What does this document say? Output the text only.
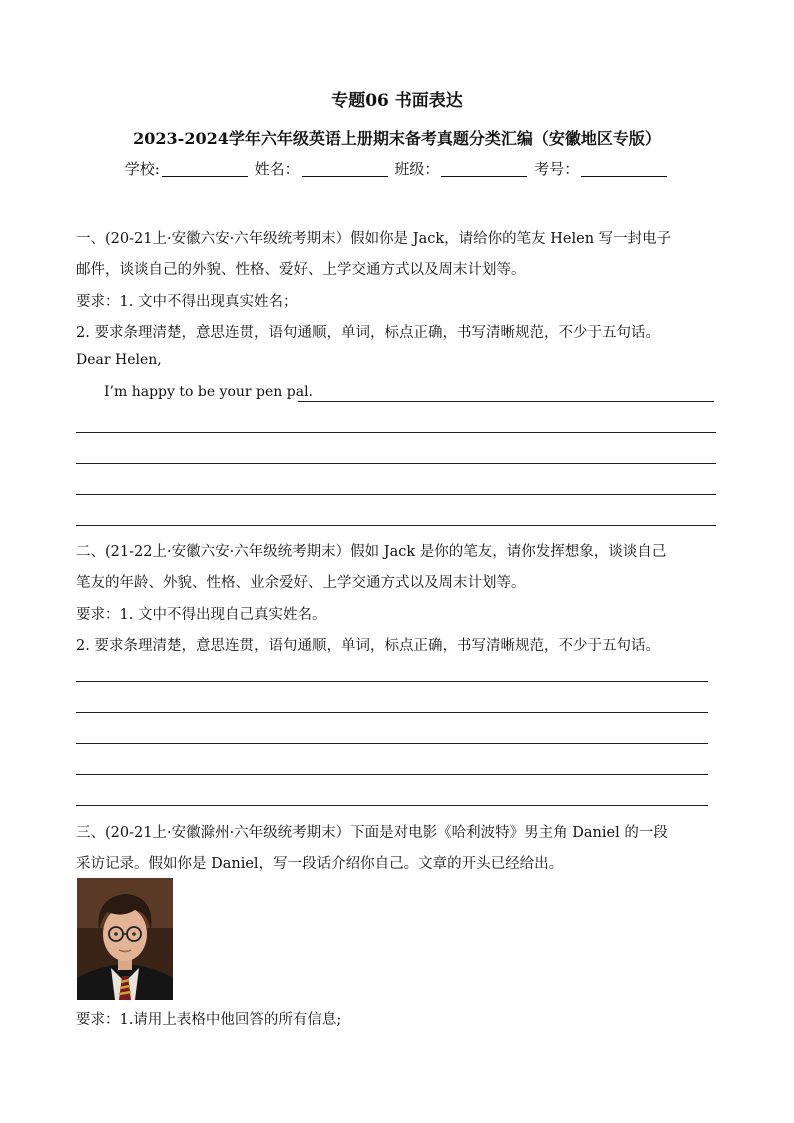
专题06 书面表达
2023-2024学年六年级英语上册期末备考真题分类汇编（安徽地区专版）
学校:	姓名：	班级：	考号：
一、(20-21上·安徽六安·六年级统考期末）假如你是 Jack，请给你的笔友 Helen 写一封电子
邮件，谈谈自己的外貌、性格、爱好、上学交通方式以及周末计划等。
要求：1. 文中不得出现真实姓名；
2. 要求条理清楚，意思连贯，语句通顺，单词，标点正确，书写清晰规范，不少于五句话。
Dear Helen,
I’m happy to be your pen pal.
二、(21-22上·安徽六安·六年级统考期末）假如 Jack 是你的笔友，请你发挥想象，谈谈自己
笔友的年龄、外貌、性格、业余爱好、上学交通方式以及周末计划等。
要求：1. 文中不得出现自己真实姓名。
2. 要求条理清楚，意思连贯，语句通顺，单词，标点正确，书写清晰规范，不少于五句话。
三、(20-21上·安徽滁州·六年级统考期末）下面是对电影《哈利波特》男主角 Daniel 的一段
采访记录。假如你是 Daniel，写一段话介绍你自己。文章的开头已经给出。
要求：1.请用上表格中他回答的所有信息;
